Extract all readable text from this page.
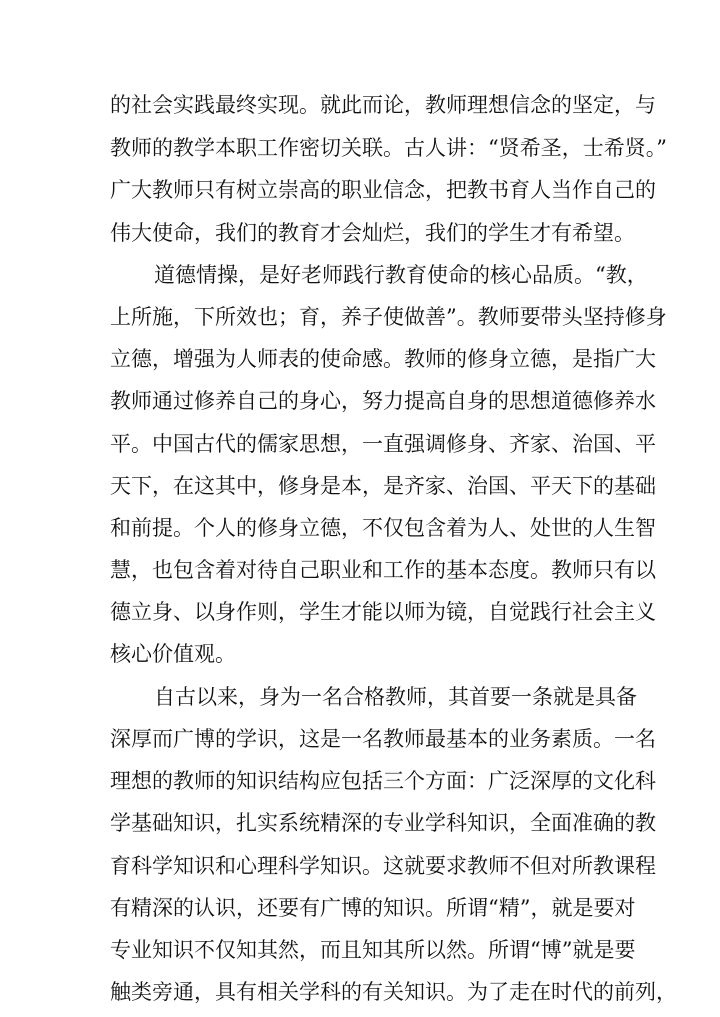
的社会实践最终实现。就此而论，教师理想信念的坚定，与
教师的教学本职工作密切关联。古人讲：“贤希圣，士希贤。”
广大教师只有树立崇高的职业信念，把教书育人当作自己的
伟大使命，我们的教育才会灿烂，我们的学生才有希望。
道德情操，是好老师践行教育使命的核心品质。“教，
上所施，下所效也；育，养子使做善”。教师要带头坚持修身
立德，增强为人师表的使命感。教师的修身立德，是指广大
教师通过修养自己的身心，努力提高自身的思想道德修养水
平。中国古代的儒家思想，一直强调修身、齐家、治国、平
天下，在这其中，修身是本，是齐家、治国、平天下的基础
和前提。个人的修身立德，不仅包含着为人、处世的人生智
慧，也包含着对待自己职业和工作的基本态度。教师只有以
德立身、以身作则，学生才能以师为镜，自觉践行社会主义
核心价值观。
自古以来，身为一名合格教师，其首要一条就是具备
深厚而广博的学识，这是一名教师最基本的业务素质。一名
理想的教师的知识结构应包括三个方面：广泛深厚的文化科
学基础知识，扎实系统精深的专业学科知识，全面准确的教
育科学知识和心理科学知识。这就要求教师不但对所教课程
有精深的认识，还要有广博的知识。所谓“精”，就是要对
专业知识不仅知其然，而且知其所以然。所谓“博”就是要
触类旁通，具有相关学科的有关知识。为了走在时代的前列，
